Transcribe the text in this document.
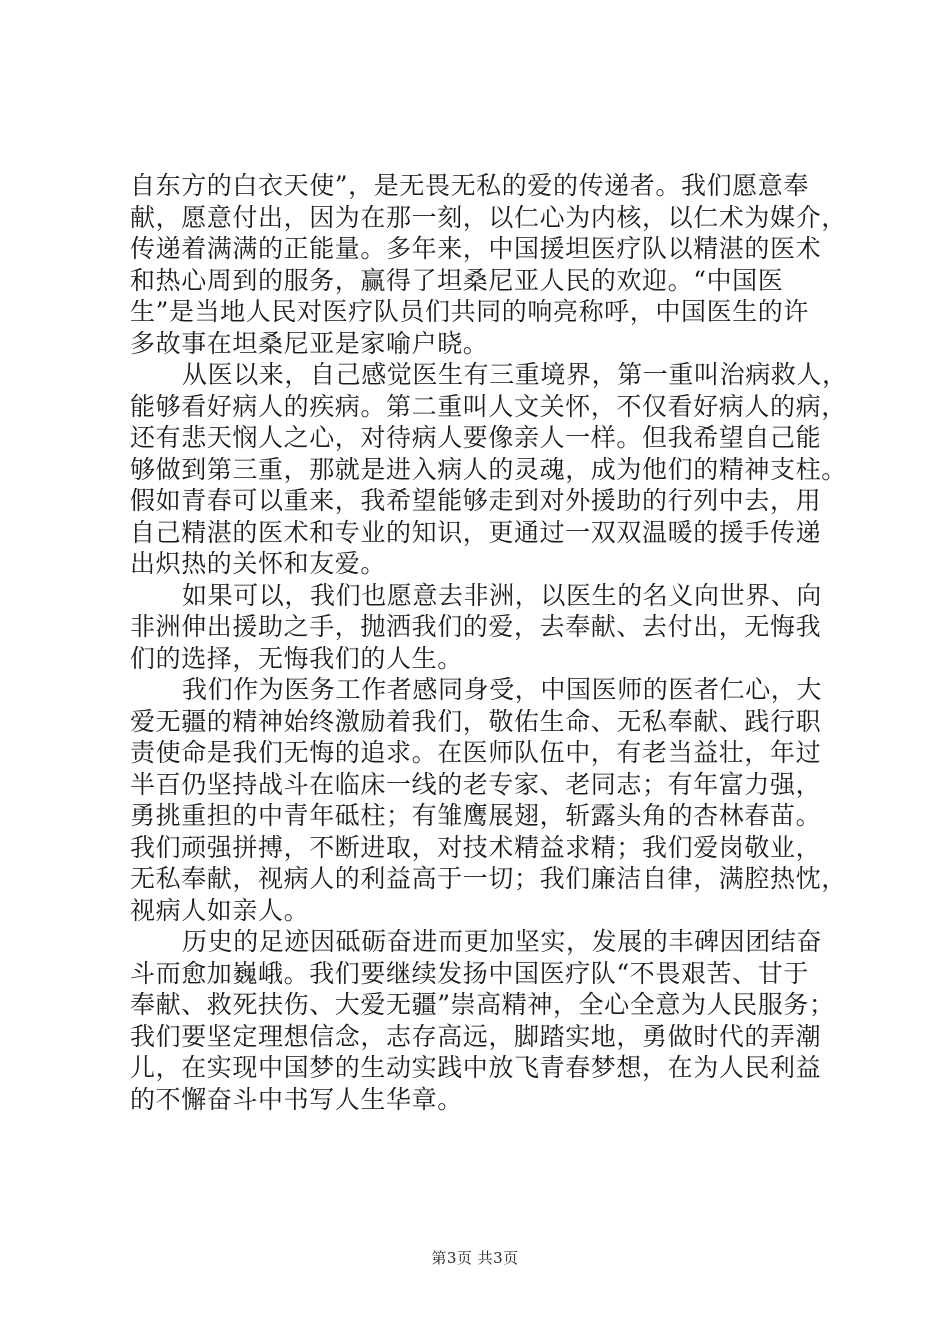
自东方的白衣天使”，是无畏无私的爱的传递者。我们愿意奉
献，愿意付出，因为在那一刻，以仁心为内核，以仁术为媒介，
传递着满满的正能量。多年来，中国援坦医疗队以精湛的医术
和热心周到的服务，赢得了坦桑尼亚人民的欢迎。“中国医
生”是当地人民对医疗队员们共同的响亮称呼，中国医生的许
多故事在坦桑尼亚是家喻户晓。
从医以来，自己感觉医生有三重境界，第一重叫治病救人，
能够看好病人的疾病。第二重叫人文关怀，不仅看好病人的病，
还有悲天悯人之心，对待病人要像亲人一样。但我希望自己能
够做到第三重，那就是进入病人的灵魂，成为他们的精神支柱。
假如青春可以重来，我希望能够走到对外援助的行列中去，用
自己精湛的医术和专业的知识，更通过一双双温暖的援手传递
出炽热的关怀和友爱。
如果可以，我们也愿意去非洲，以医生的名义向世界、向
非洲伸出援助之手，抛洒我们的爱，去奉献、去付出，无悔我
们的选择，无悔我们的人生。
我们作为医务工作者感同身受，中国医师的医者仁心，大
爱无疆的精神始终激励着我们，敬佑生命、无私奉献、践行职
责使命是我们无悔的追求。在医师队伍中，有老当益壮，年过
半百仍坚持战斗在临床一线的老专家、老同志；有年富力强，
勇挑重担的中青年砥柱；有雏鹰展翅，斩露头角的杏林春苗。
我们顽强拼搏，不断进取，对技术精益求精；我们爱岗敬业，
无私奉献，视病人的利益高于一切；我们廉洁自律，满腔热忱，
视病人如亲人。
历史的足迹因砥砺奋进而更加坚实，发展的丰碑因团结奋
斗而愈加巍峨。我们要继续发扬中国医疗队“不畏艰苦、甘于
奉献、救死扶伤、大爱无疆”崇高精神，全心全意为人民服务；
我们要坚定理想信念，志存高远，脚踏实地，勇做时代的弄潮
儿，在实现中国梦的生动实践中放飞青春梦想，在为人民利益
的不懈奋斗中书写人生华章。
第3页 共3页
